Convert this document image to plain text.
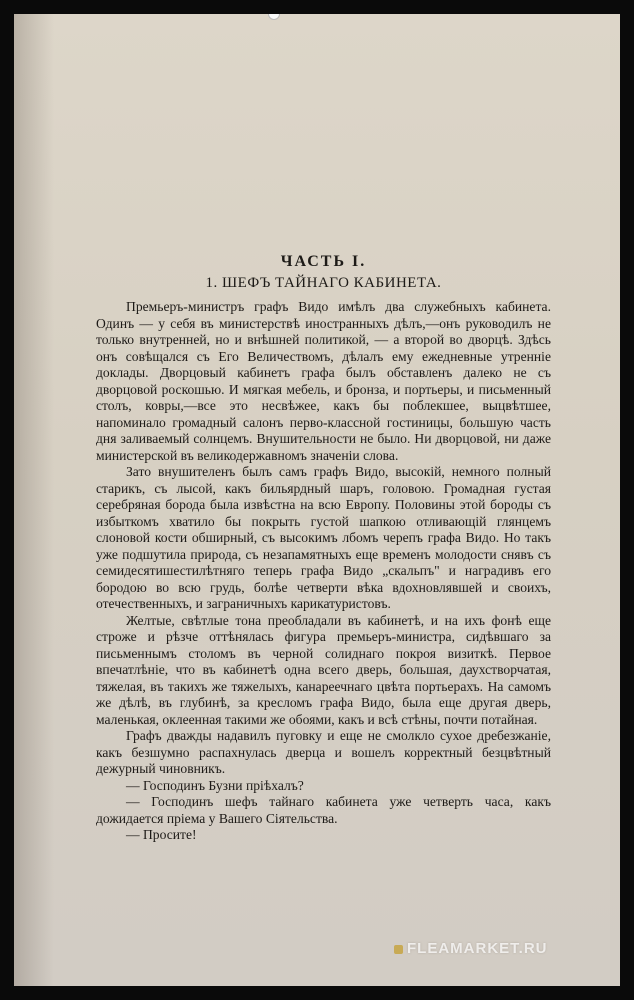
ЧАСТЬ I.
1. ШЕФЪ ТАЙНАГО КАБИНЕТА.

Премьеръ-министръ графъ Видо имѣлъ два служебныхъ кабинета. Одинъ — у себя въ министерствѣ иностранныхъ дѣлъ,—онъ руководилъ не только внутренней, но и внѣшней политикой, — а второй во дворцѣ. Здѣсь онъ совѣщался съ Его Величествомъ, дѣлалъ ему ежедневные утренніе доклады. Дворцовый кабинетъ графа былъ обставленъ далеко не съ дворцовой роскошью. И мягкая мебель, и бронза, и портьеры, и письменный столъ, ковры,—все это несвѣжее, какъ бы поблекшее, выцвѣтшее, напоминало громадный салонъ перво-классной гостиницы, большую часть дня заливаемый солнцемъ. Внушительности не было. Ни дворцовой, ни даже министерской въ великодержавномъ значеніи слова.

Зато внушителенъ былъ самъ графъ Видо, высокій, немного полный старикъ, съ лысой, какъ бильярдный шаръ, головою. Громадная густая серебряная борода была извѣстна на всю Европу. Половины этой бороды съ избыткомъ хватило бы покрыть густой шапкою отливающій глянцемъ слоновой кости обширный, съ высокимъ лбомъ черепъ графа Видо. Но такъ уже подшутила природа, съ незапамятныхъ еще временъ молодости снявъ съ семидесятишестилѣтняго теперь графа Видо „скальпъ" и наградивъ его бородою во всю грудь, болѣе четверти вѣка вдохновлявшей и своихъ, отечественныхъ, и заграничныхъ карикатуристовъ.

Желтые, свѣтлые тона преобладали въ кабинетѣ, и на ихъ фонѣ еще строже и рѣзче оттѣнялась фигура премьеръ-министра, сидѣвшаго за письменнымъ столомъ въ черной солиднаго покроя визиткѣ. Первое впечатлѣніе, что въ кабинетѣ одна всего дверь, большая, даухстворчатая, тяжелая, въ такихъ же тяжелыхъ, канареечнаго цвѣта портьерахъ. На самомъ же дѣлѣ, въ глубинѣ, за кресломъ графа Видо, была еще другая дверь, маленькая, оклеенная такими же обоями, какъ и всѣ стѣны, почти потайная.

Графъ дважды надавилъ пуговку и еще не смолкло сухое дребезжаніе, какъ безшумно распахнулась дверца и вошелъ корректный безцвѣтный дежурный чиновникъ.

— Господинъ Бузни пріѣхалъ?

— Господинъ шефъ тайнаго кабинета уже четверть часа, какъ дожидается пріема у Вашего Сіятельства.

— Просите!

FLEAMARKET.RU
